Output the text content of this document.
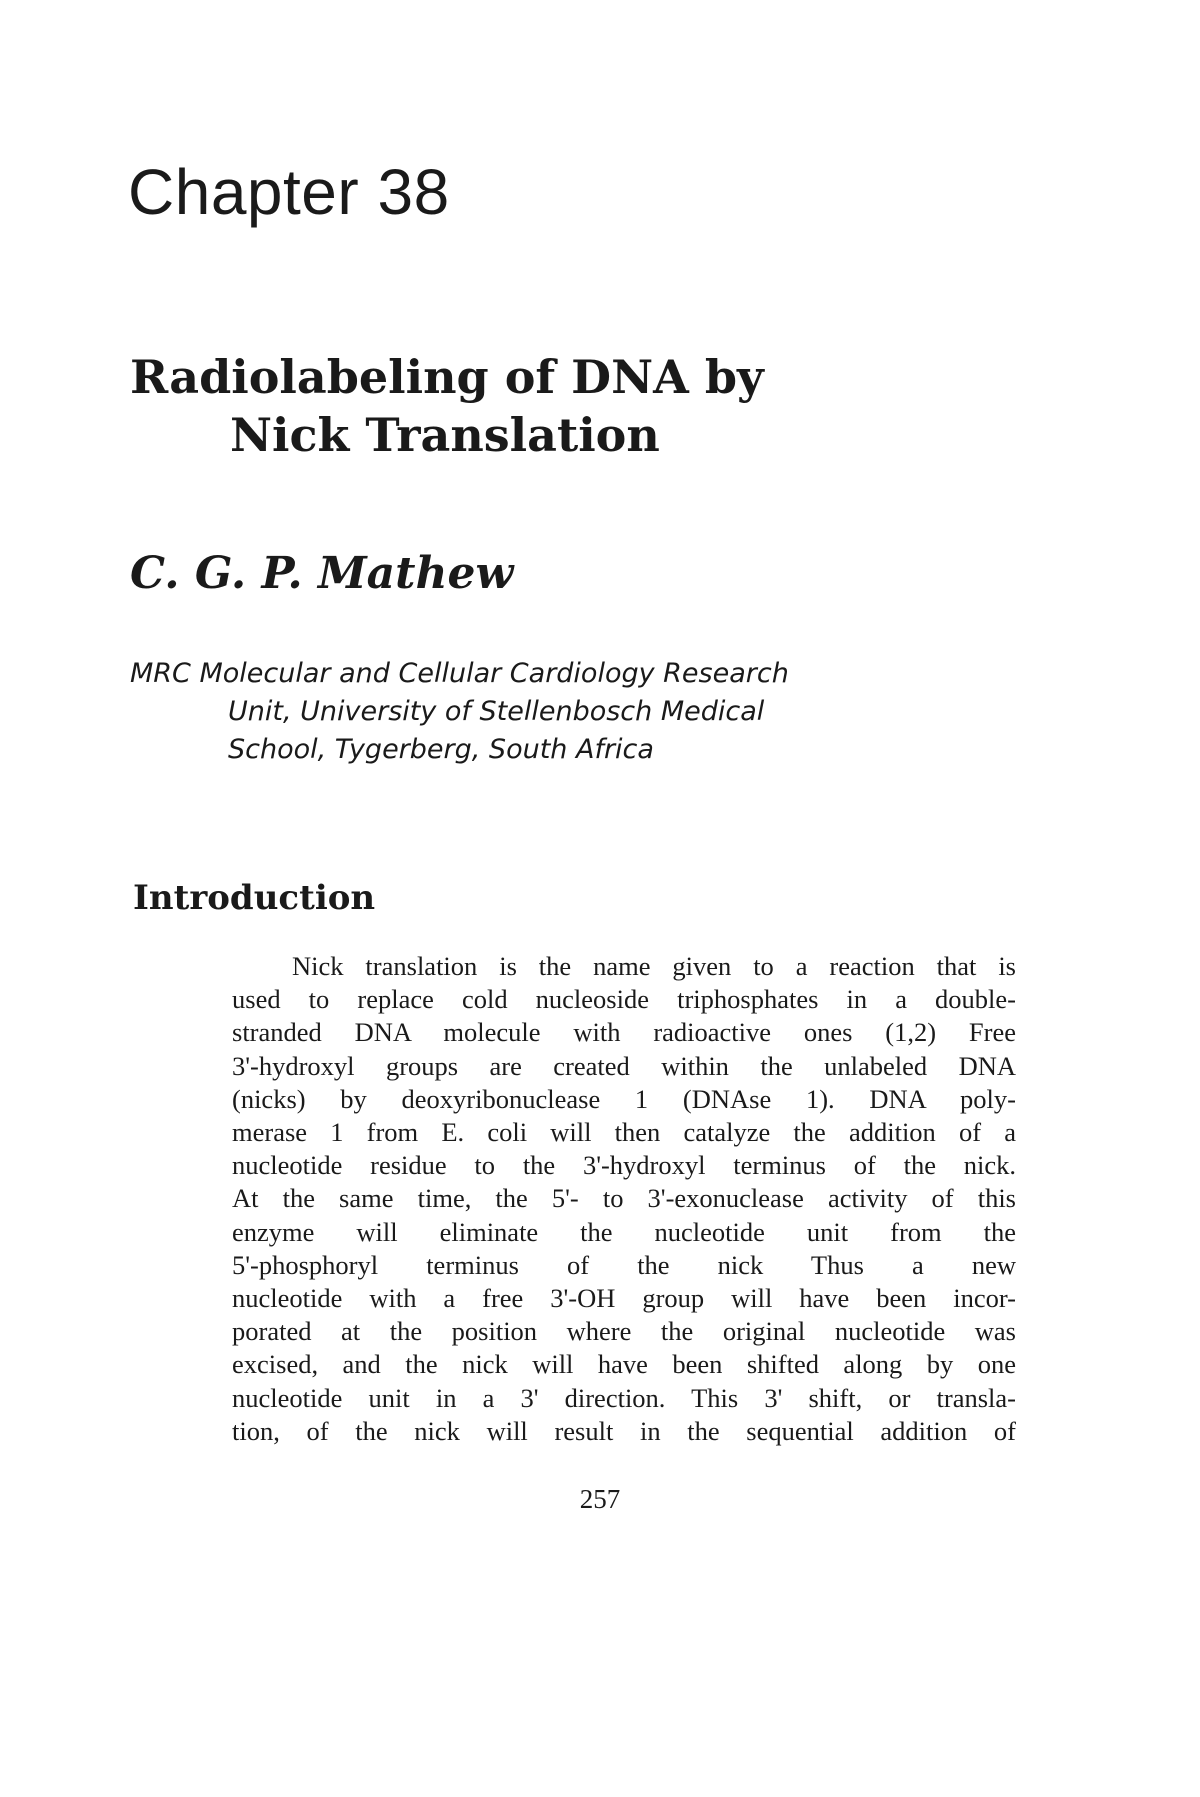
Chapter 38
Radiolabeling of DNA by
Nick Translation
C. G. P. Mathew
MRC Molecular and Cellular Cardiology Research
Unit, University of Stellenbosch Medical
School, Tygerberg, South Africa
Introduction
Nick translation is the name given to a reaction that is
used to replace cold nucleoside triphosphates in a double-
stranded DNA molecule with radioactive ones (1,2) Free
3'-hydroxyl groups are created within the unlabeled DNA
(nicks) by deoxyribonuclease 1 (DNAse 1). DNA poly-
merase 1 from E. coli will then catalyze the addition of a
nucleotide residue to the 3'-hydroxyl terminus of the nick.
At the same time, the 5'- to 3'-exonuclease activity of this
enzyme will eliminate the nucleotide unit from the
5'-phosphoryl terminus of the nick Thus a new
nucleotide with a free 3'-OH group will have been incor-
porated at the position where the original nucleotide was
excised, and the nick will have been shifted along by one
nucleotide unit in a 3' direction. This 3' shift, or transla-
tion, of the nick will result in the sequential addition of
257
